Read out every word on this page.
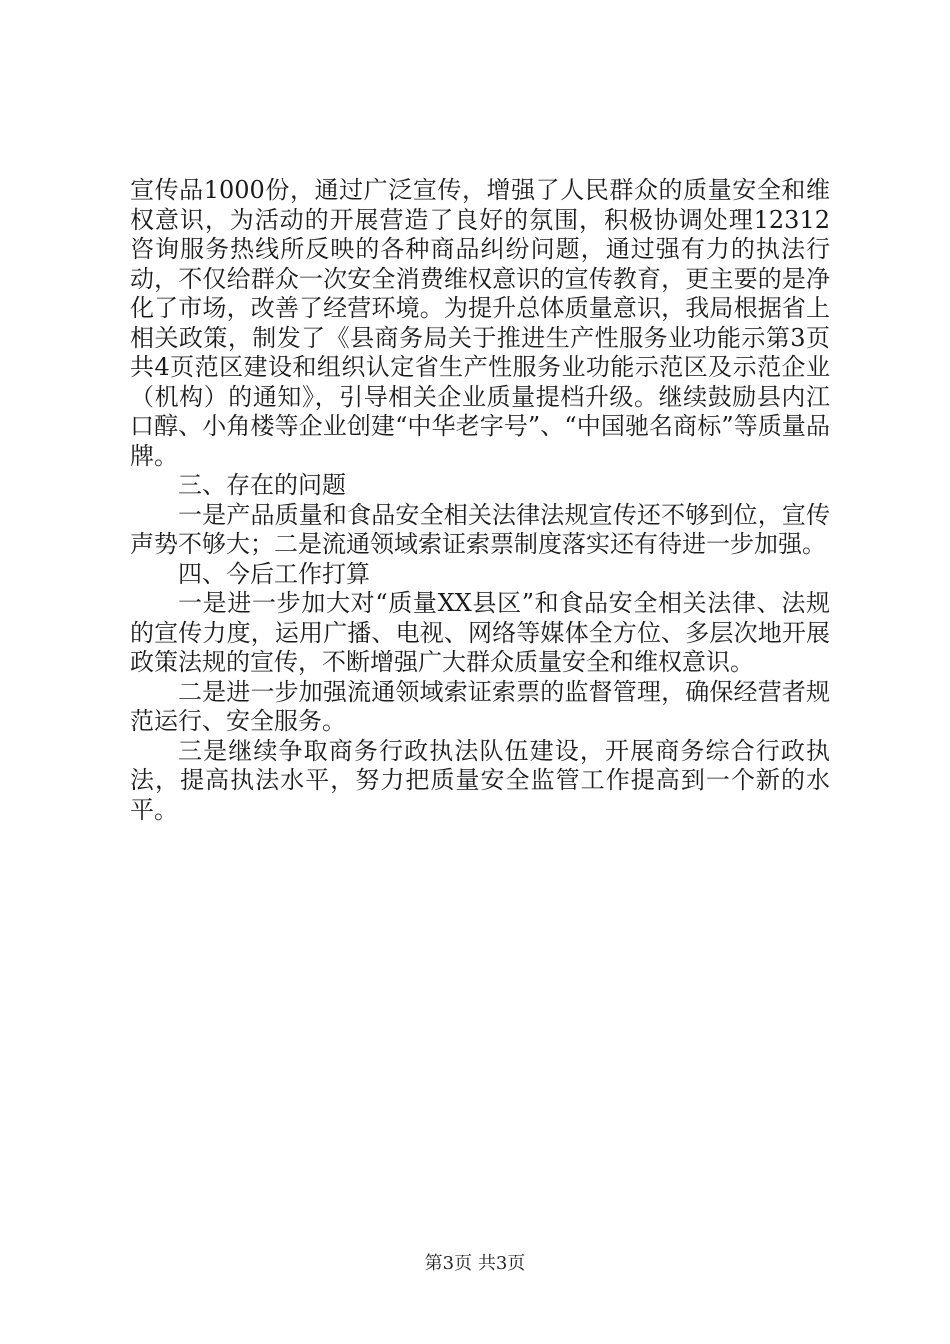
宣传品1000份，通过广泛宣传，增强了人民群众的质量安全和维权意识，为活动的开展营造了良好的氛围，积极协调处理12312咨询服务热线所反映的各种商品纠纷问题，通过强有力的执法行动，不仅给群众一次安全消费维权意识的宣传教育，更主要的是净化了市场，改善了经营环境。为提升总体质量意识，我局根据省上相关政策，制发了《县商务局关于推进生产性服务业功能示第3页共4页范区建设和组织认定省生产性服务业功能示范区及示范企业（机构）的通知》，引导相关企业质量提档升级。继续鼓励县内江口醇、小角楼等企业创建“中华老字号”、“中国驰名商标”等质量品牌。

三、存在的问题

一是产品质量和食品安全相关法律法规宣传还不够到位，宣传声势不够大；二是流通领域索证索票制度落实还有待进一步加强。

四、今后工作打算

一是进一步加大对“质量XX县区”和食品安全相关法律、法规的宣传力度，运用广播、电视、网络等媒体全方位、多层次地开展政策法规的宣传，不断增强广大群众质量安全和维权意识。

二是进一步加强流通领域索证索票的监督管理，确保经营者规范运行、安全服务。

三是继续争取商务行政执法队伍建设，开展商务综合行政执法，提高执法水平，努力把质量安全监管工作提高到一个新的水平。

第3页 共3页
